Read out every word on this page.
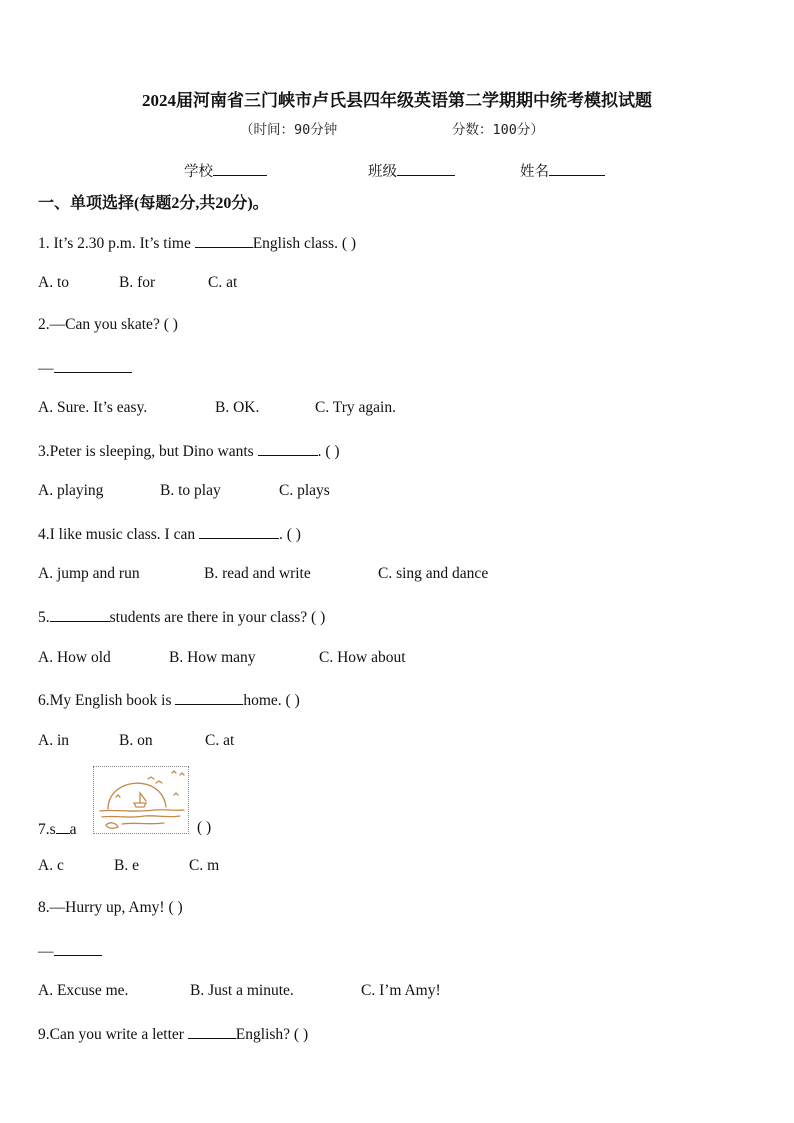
2024届河南省三门峡市卢氏县四年级英语第二学期期中统考模拟试题
（时间：90分钟	分数：100分）
学校	班级	姓名
一、单项选择(每题2分,共20分)。
1. It’s 2.30 p.m. It’s time	English class. ( )
A. to	B. for	C. at
2.—Can you skate? ( )
—
A. Sure. It’s easy.	B. OK.	C. Try again.
3.Peter is sleeping, but Dino wants	. ( )
A. playing	B. to play	C. plays
4.I like music class. I can	. ( )
A. jump and run	B. read and write	C. sing and dance
5.	students are there in your class? ( )
A. How old	B. How many	C. How about
6.My English book is	home. ( )
A. in	B. on	C. at
7.s a	( )
A. c	B. e	C. m
8.—Hurry up, Amy! ( )
—
A. Excuse me.	B. Just a minute.	C. I’m Amy!
9.Can you write a letter	English? ( )
